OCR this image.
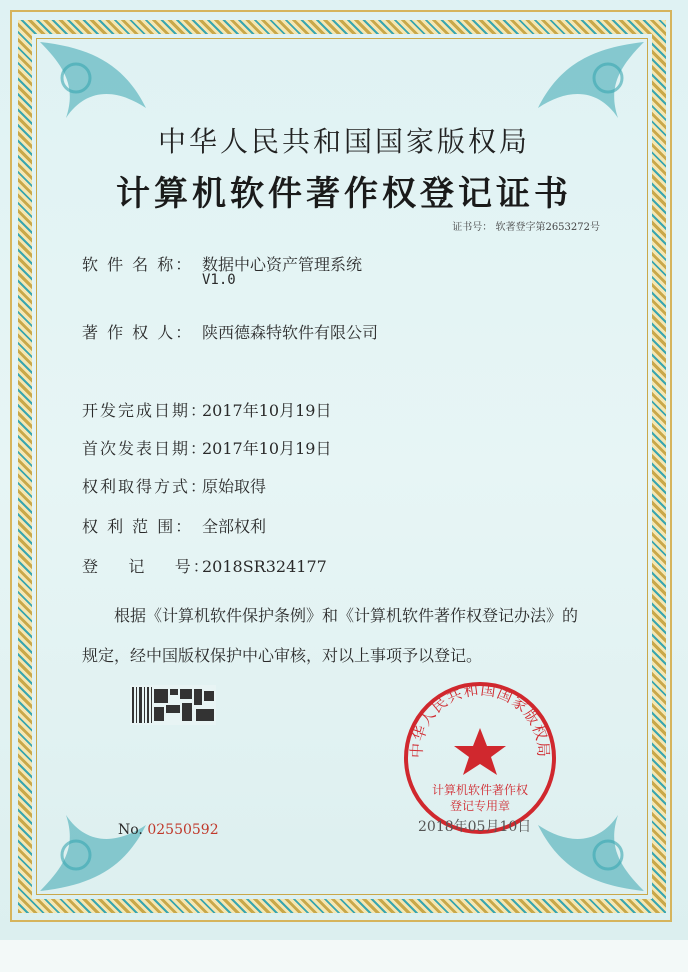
中华人民共和国国家版权局
计算机软件著作权登记证书
证书号： 软著登字第2653272号
软 件 名 称： 数据中心资产管理系统
V1.0
著 作 权 人： 陕西德森特软件有限公司
开发完成日期：2017年10月19日
首次发表日期：2017年10月19日
权利取得方式：原始取得
权 利 范 围： 全部权利
登    记    号：2018SR324177
根据《计算机软件保护条例》和《计算机软件著作权登记办法》的
规定，经中国版权保护中心审核，对以上事项予以登记。
No. 02550592
中华人民共和国国家版权局
计算机软件著作权
登记专用章
2018年05月10日
